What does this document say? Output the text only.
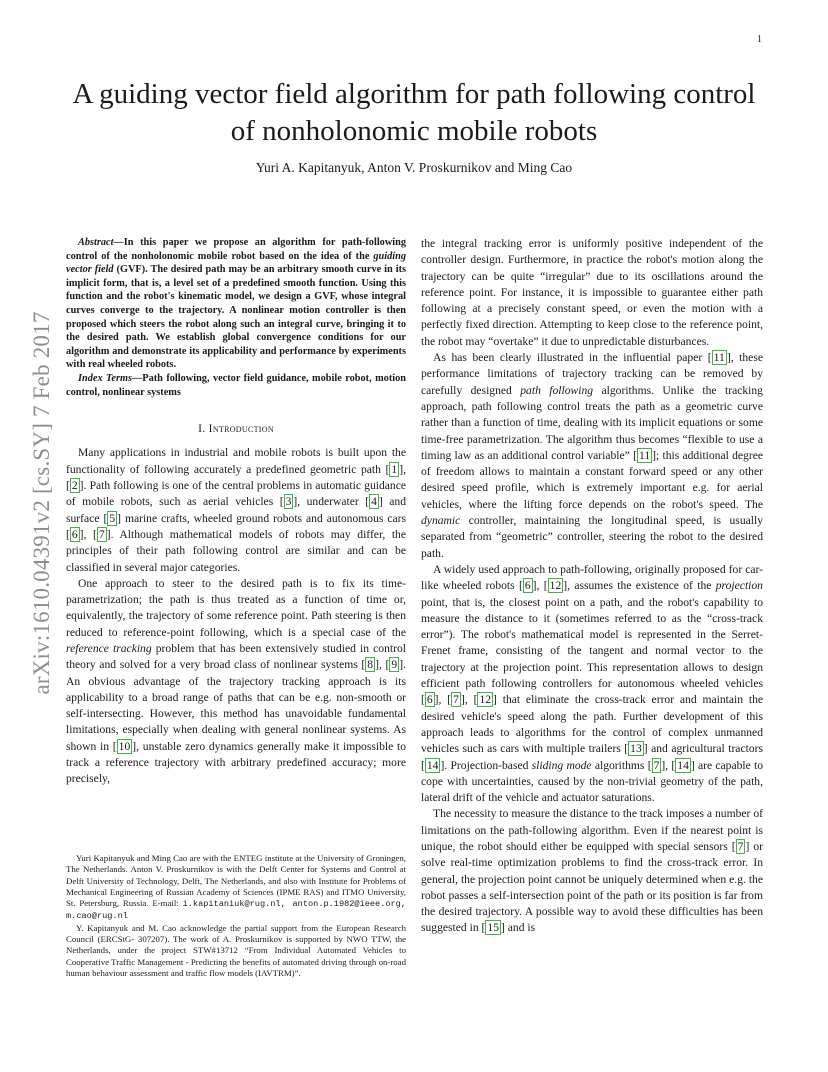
1
arXiv:1610.04391v2 [cs.SY] 7 Feb 2017
A guiding vector field algorithm for path following control of nonholonomic mobile robots
Yuri A. Kapitanyuk, Anton V. Proskurnikov and Ming Cao

Abstract—In this paper we propose an algorithm for path-following control of the nonholonomic mobile robot based on the idea of the guiding vector field (GVF). The desired path may be an arbitrary smooth curve in its implicit form, that is, a level set of a predefined smooth function. Using this function and the robot's kinematic model, we design a GVF, whose integral curves converge to the trajectory. A nonlinear motion controller is then proposed which steers the robot along such an integral curve, bringing it to the desired path. We establish global convergence conditions for our algorithm and demonstrate its applicability and performance by experiments with real wheeled robots.

Index Terms—Path following, vector field guidance, mobile robot, motion control, nonlinear systems

I. Introduction

Many applications in industrial and mobile robots is built upon the functionality of following accurately a predefined geometric path [ 1 ], [ 2 ]. Path following is one of the central problems in automatic guidance of mobile robots, such as aerial vehicles [ 3 ], underwater [ 4 ] and surface [ 5 ] marine crafts, wheeled ground robots and autonomous cars [ 6 ], [ 7 ]. Although mathematical models of robots may differ, the principles of their path following control are similar and can be classified in several major categories.

One approach to steer to the desired path is to fix its time-parametrization; the path is thus treated as a function of time or, equivalently, the trajectory of some reference point. Path steering is then reduced to reference-point following, which is a special case of the reference tracking problem that has been extensively studied in control theory and solved for a very broad class of nonlinear systems [ 8 ], [ 9 ]. An obvious advantage of the trajectory tracking approach is its applicability to a broad range of paths that can be e.g. non-smooth or self-intersecting. However, this method has unavoidable fundamental limitations, especially when dealing with general nonlinear systems. As shown in [ 10 ], unstable zero dynamics generally make it impossible to track a reference trajectory with arbitrary predefined accuracy; more precisely,

Yuri Kapitanyuk and Ming Cao are with the ENTEG institute at the University of Groningen, The Netherlands. Anton V. Proskurnikov is with the Delft Center for Systems and Control at Delft University of Technology, Delft, The Netherlands, and also with Institute for Problems of Mechanical Engineering of Russian Academy of Sciences (IPME RAS) and ITMO University, St. Petersburg, Russia. E-mail: i.kapitaniuk@rug.nl, anton.p.1982@ieee.org, m.cao@rug.nl

Y. Kapitanyuk and M. Cao acknowledge the partial support from the European Research Council (ERCStG- 307207). The work of A. Proskurnikov is supported by NWO TTW, the Netherlands, under the project STW#13712 “From Individual Automated Vehicles to Cooperative Traffic Management - Predicting the benefits of automated driving through on-road human behaviour assessment and traffic flow models (IAVTRM)”.

the integral tracking error is uniformly positive independent of the controller design. Furthermore, in practice the robot's motion along the trajectory can be quite “irregular” due to its oscillations around the reference point. For instance, it is impossible to guarantee either path following at a precisely constant speed, or even the motion with a perfectly fixed direction. Attempting to keep close to the reference point, the robot may “overtake” it due to unpredictable disturbances.

As has been clearly illustrated in the influential paper [ 11 ], these performance limitations of trajectory tracking can be removed by carefully designed path following algorithms. Unlike the tracking approach, path following control treats the path as a geometric curve rather than a function of time, dealing with its implicit equations or some time-free parametrization. The algorithm thus becomes “flexible to use a timing law as an additional control variable” [ 11 ]; this additional degree of freedom allows to maintain a constant forward speed or any other desired speed profile, which is extremely important e.g. for aerial vehicles, where the lifting force depends on the robot's speed. The dynamic controller, maintaining the longitudinal speed, is usually separated from “geometric” controller, steering the robot to the desired path.

A widely used approach to path-following, originally proposed for car-like wheeled robots [ 6 ], [ 12 ], assumes the existence of the projection point, that is, the closest point on a path, and the robot's capability to measure the distance to it (sometimes referred to as the “cross-track error”). The robot's mathematical model is represented in the Serret-Frenet frame, consisting of the tangent and normal vector to the trajectory at the projection point. This representation allows to design efficient path following controllers for autonomous wheeled vehicles [ 6 ], [ 7 ], [ 12 ] that eliminate the cross-track error and maintain the desired vehicle's speed along the path. Further development of this approach leads to algorithms for the control of complex unmanned vehicles such as cars with multiple trailers [ 13 ] and agricultural tractors [ 14 ]. Projection-based sliding mode algorithms [ 7 ], [ 14 ] are capable to cope with uncertainties, caused by the non-trivial geometry of the path, lateral drift of the vehicle and actuator saturations.

The necessity to measure the distance to the track imposes a number of limitations on the path-following algorithm. Even if the nearest point is unique, the robot should either be equipped with special sensors [ 7 ] or solve real-time optimization problems to find the cross-track error. In general, the projection point cannot be uniquely determined when e.g. the robot passes a self-intersection point of the path or its position is far from the desired trajectory. A possible way to avoid these difficulties has been suggested in [ 15 ] and is
